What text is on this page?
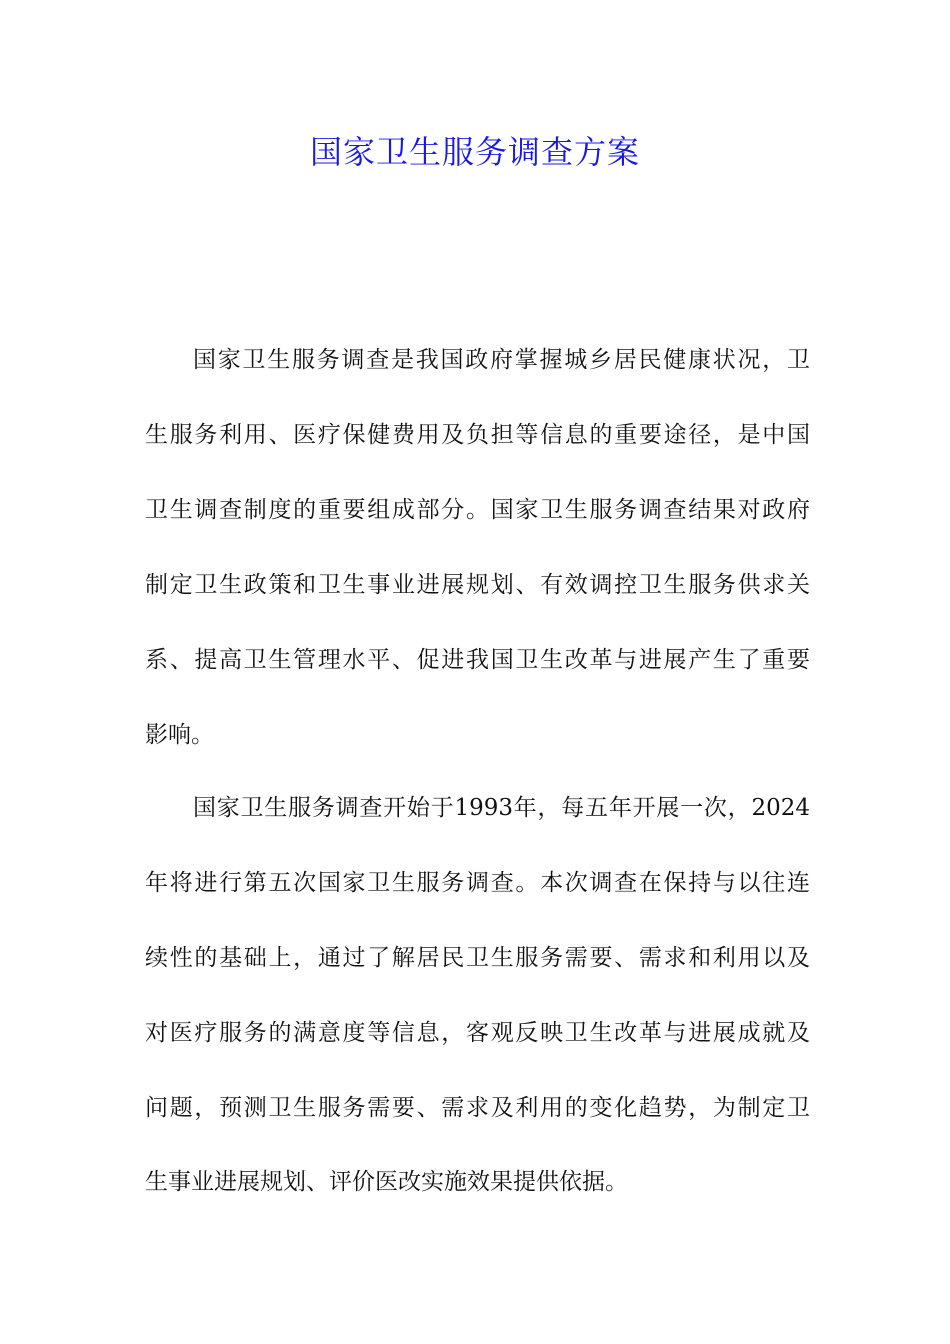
国家卫生服务调查方案
国家卫生服务调查是我国政府掌握城乡居民健康状况，卫
生服务利用、医疗保健费用及负担等信息的重要途径，是中国
卫生调查制度的重要组成部分。国家卫生服务调查结果对政府
制定卫生政策和卫生事业进展规划、有效调控卫生服务供求关
系、提高卫生管理水平、促进我国卫生改革与进展产生了重要
影响。
国家卫生服务调查开始于1993年，每五年开展一次，2024
年将进行第五次国家卫生服务调查。本次调查在保持与以往连
续性的基础上，通过了解居民卫生服务需要、需求和利用以及
对医疗服务的满意度等信息，客观反映卫生改革与进展成就及
问题，预测卫生服务需要、需求及利用的变化趋势，为制定卫
生事业进展规划、评价医改实施效果提供依据。
